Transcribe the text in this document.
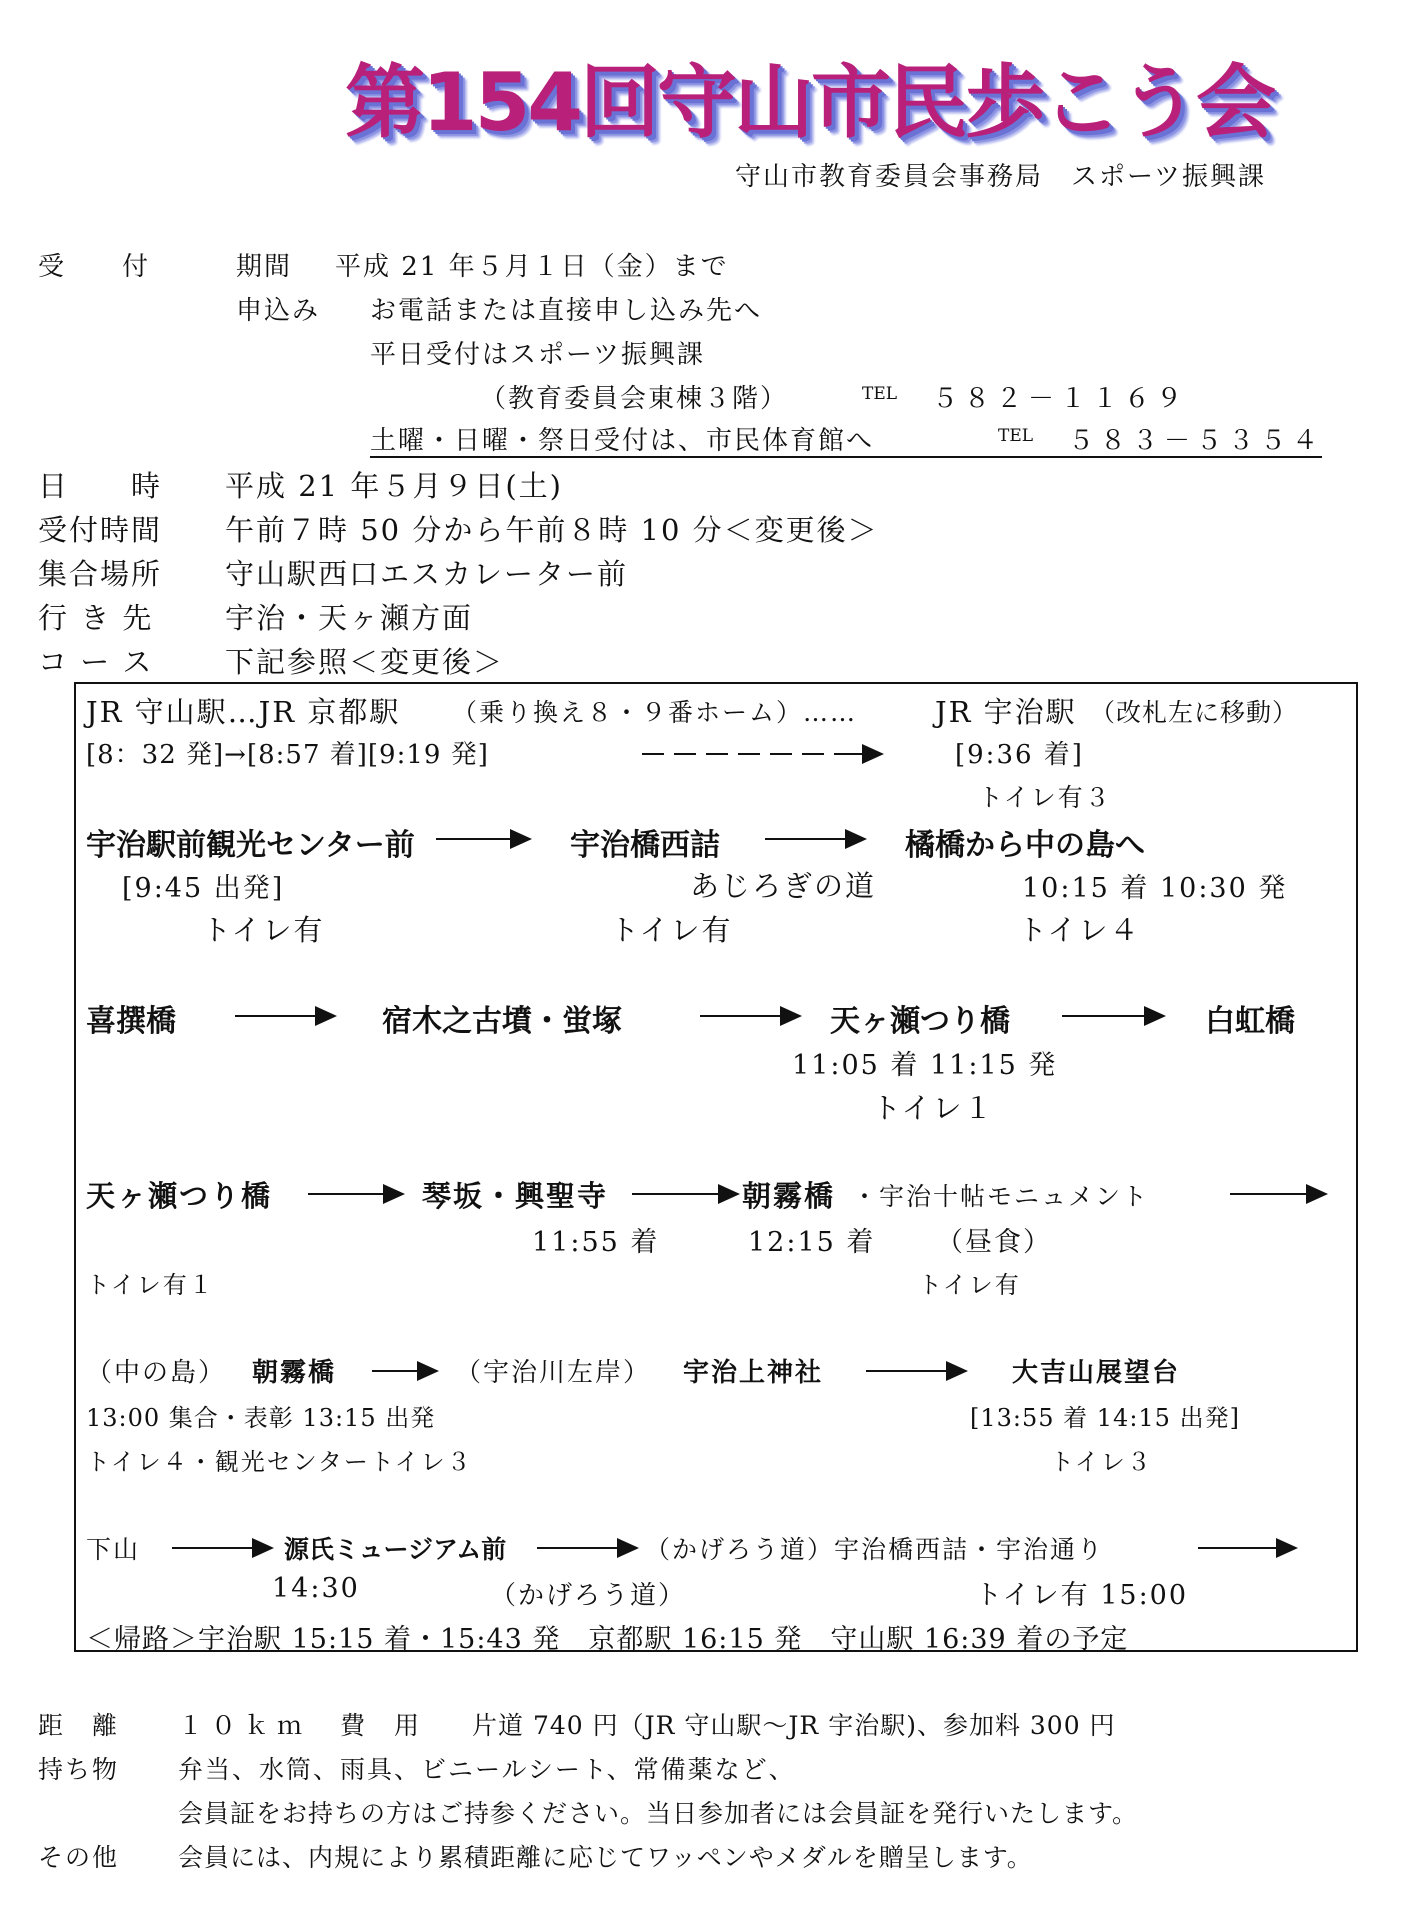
第154回守山市民歩こう会
守山市教育委員会事務局　スポーツ振興課
受　　付	期間 平成 21 年５月１日（金）まで
申込み お電話または直接申し込み先へ
平日受付はスポーツ振興課
（教育委員会東棟３階）	TEL ５８２－１１６９
土曜・日曜・祭日受付は、市民体育館へ	TEL ５８３－５３５４
日　　時 平成 21 年５月９日(土)
受付時間 午前７時 50 分から午前８時 10 分＜変更後＞
集合場所 守山駅西口エスカレーター前
行 き 先 宇治・天ヶ瀬方面
コ ー ス 下記参照＜変更後＞
JR 守山駅…JR 京都駅 （乗り換え８・９番ホーム）……	JR 宇治駅 （改札左に移動）
[8：32 発]→[8:57 着][9:19 発]	[9:36 着]
トイレ有３
宇治駅前観光センター前	宇治橋西詰	橘橋から中の島へ
[9:45 出発]	あじろぎの道	10:15 着 10:30 発
トイレ有	トイレ有	トイレ４
喜撰橋	宿木之古墳・蛍塚	天ヶ瀬つり橋	白虹橋
11:05 着 11:15 発
トイレ１
天ヶ瀬つり橋	琴坂・興聖寺	朝霧橋 ・宇治十帖モニュメント
11:55 着	12:15 着 （昼食）
トイレ有１	トイレ有
（中の島） 朝霧橋	（宇治川左岸） 宇治上神社	大吉山展望台
13:00 集合・表彰 13:15 出発	[13:55 着 14:15 出発]
トイレ４・観光センタートイレ３	トイレ３
下山	源氏ミュージアム前	（かげろう道）宇治橋西詰・宇治通り
14:30	（かげろう道）	トイレ有 15:00
＜帰路＞宇治駅 15:15 着・15:43 発　京都駅 16:15 発　守山駅 16:39 着の予定
距　離 １０ｋｍ 費　用 片道 740 円（JR 守山駅～JR 宇治駅)、参加料 300 円
持ち物 弁当、水筒、雨具、ビニールシート、常備薬など、
会員証をお持ちの方はご持参ください。当日参加者には会員証を発行いたします。
その他 会員には、内規により累積距離に応じてワッペンやメダルを贈呈します。
